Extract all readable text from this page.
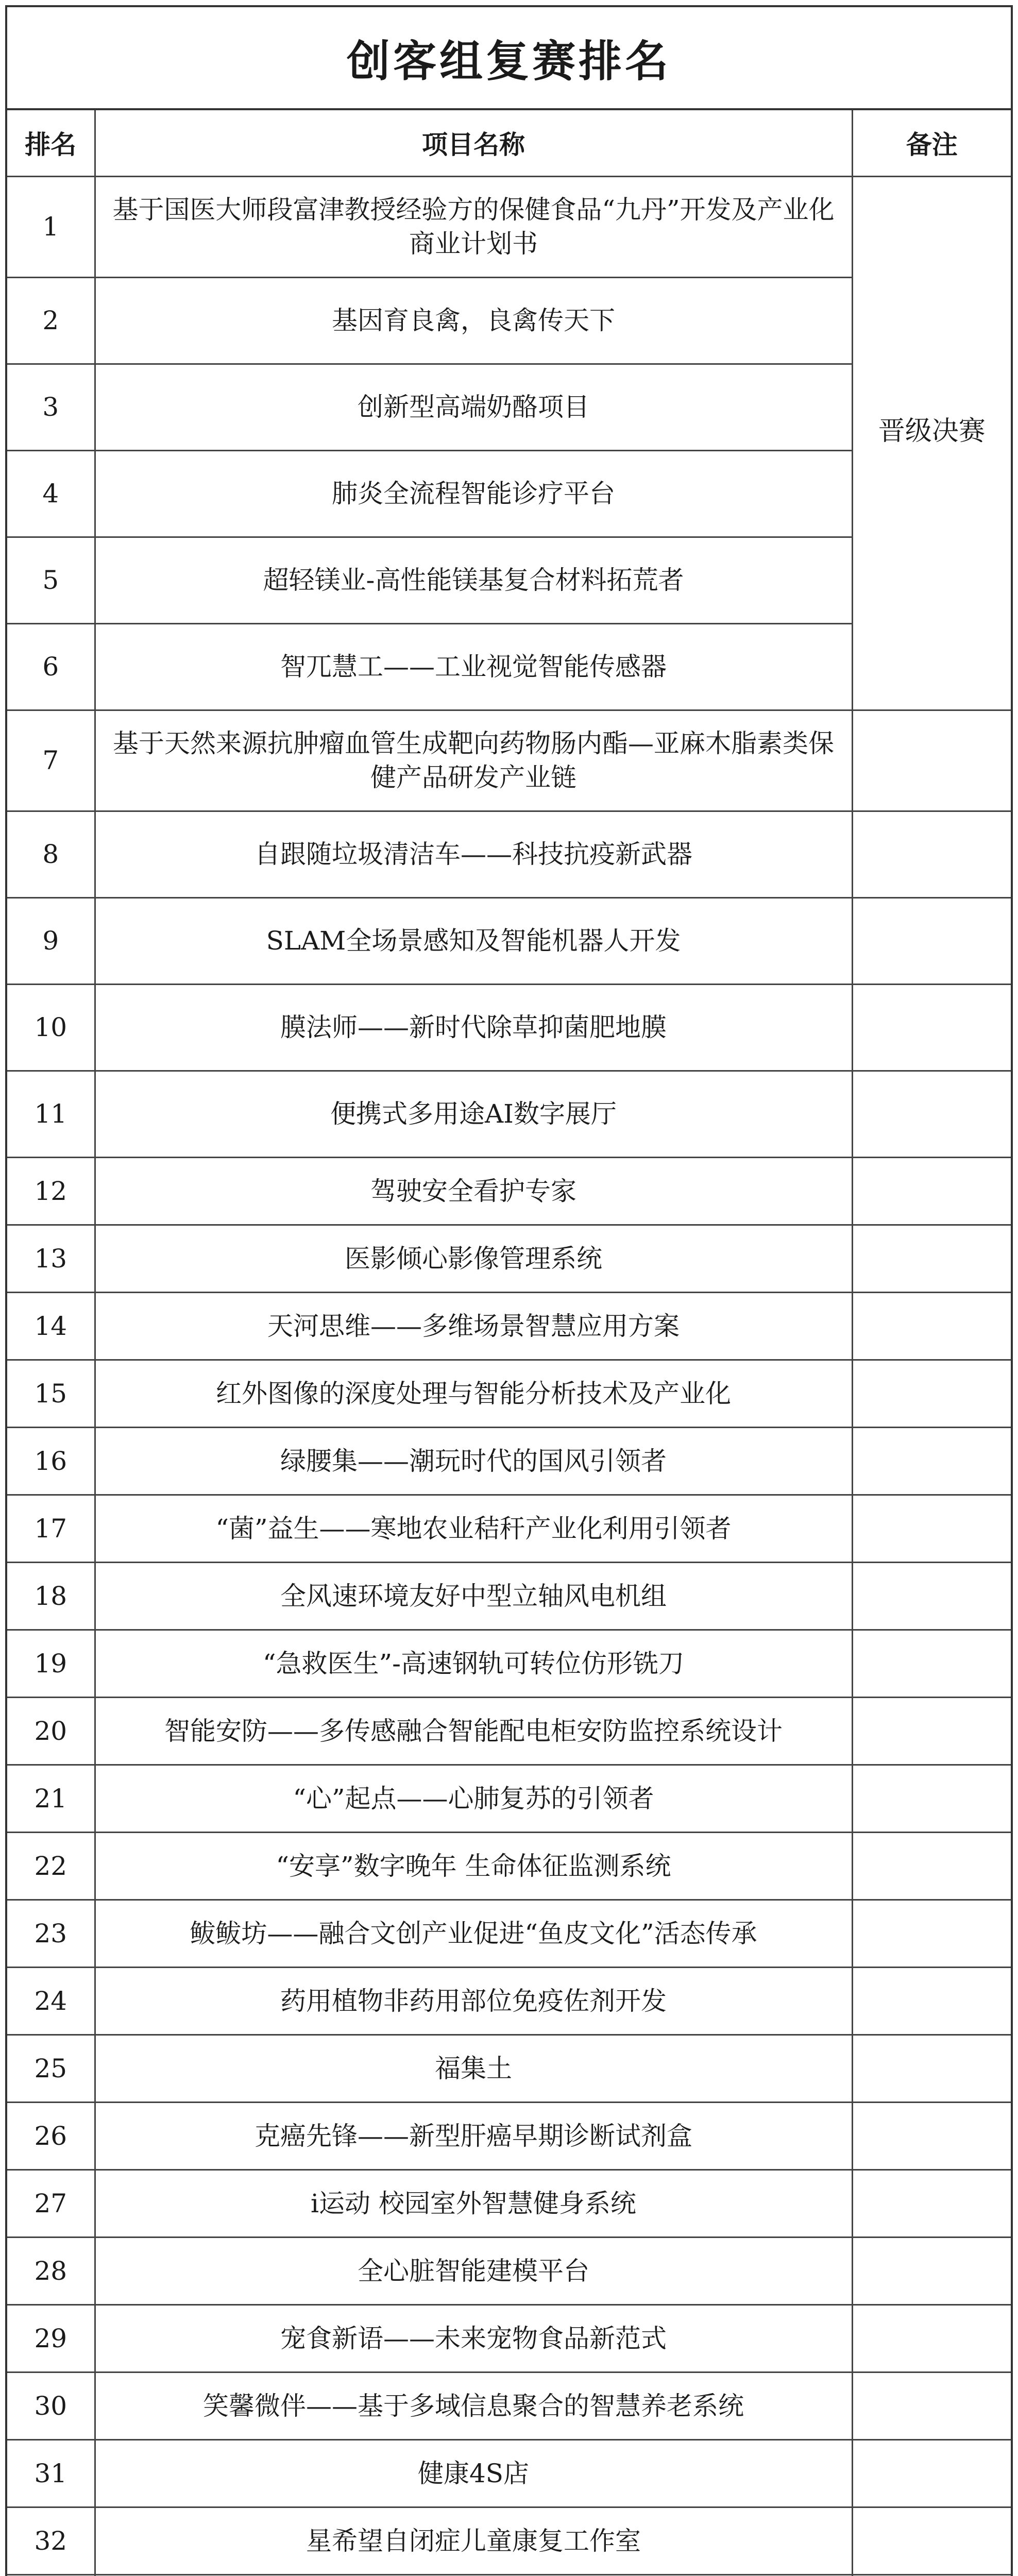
创客组复赛排名
排名	项目名称	备注
1	基于国医大师段富津教授经验方的保健食品“九丹”开发及产业化商业计划书	晋级决赛
2	基因育良禽，良禽传天下	
3	创新型高端奶酪项目	
4	肺炎全流程智能诊疗平台	
5	超轻镁业-高性能镁基复合材料拓荒者	
6	智兀慧工——工业视觉智能传感器	
7	基于天然来源抗肿瘤血管生成靶向药物肠内酯—亚麻木脂素类保健产品研发产业链	
8	自跟随垃圾清洁车——科技抗疫新武器	
9	SLAM全场景感知及智能机器人开发	
10	膜法师——新时代除草抑菌肥地膜	
11	便携式多用途AI数字展厅	
12	驾驶安全看护专家	
13	医影倾心影像管理系统	
14	天河思维——多维场景智慧应用方案	
15	红外图像的深度处理与智能分析技术及产业化	
16	绿腰集——潮玩时代的国风引领者	
17	“菌”益生——寒地农业秸秆产业化利用引领者	
18	全风速环境友好中型立轴风电机组	
19	“急救医生”-高速钢轨可转位仿形铣刀	
20	智能安防——多传感融合智能配电柜安防监控系统设计	
21	“心”起点——心肺复苏的引领者	
22	“安享”数字晚年 生命体征监测系统	
23	鲅鲅坊——融合文创产业促进“鱼皮文化”活态传承	
24	药用植物非药用部位免疫佐剂开发	
25	福集土	
26	克癌先锋——新型肝癌早期诊断试剂盒	
27	i运动 校园室外智慧健身系统	
28	全心脏智能建模平台	
29	宠食新语——未来宠物食品新范式	
30	笑馨微伴——基于多域信息聚合的智慧养老系统	
31	健康4S店	
32	星希望自闭症儿童康复工作室	
